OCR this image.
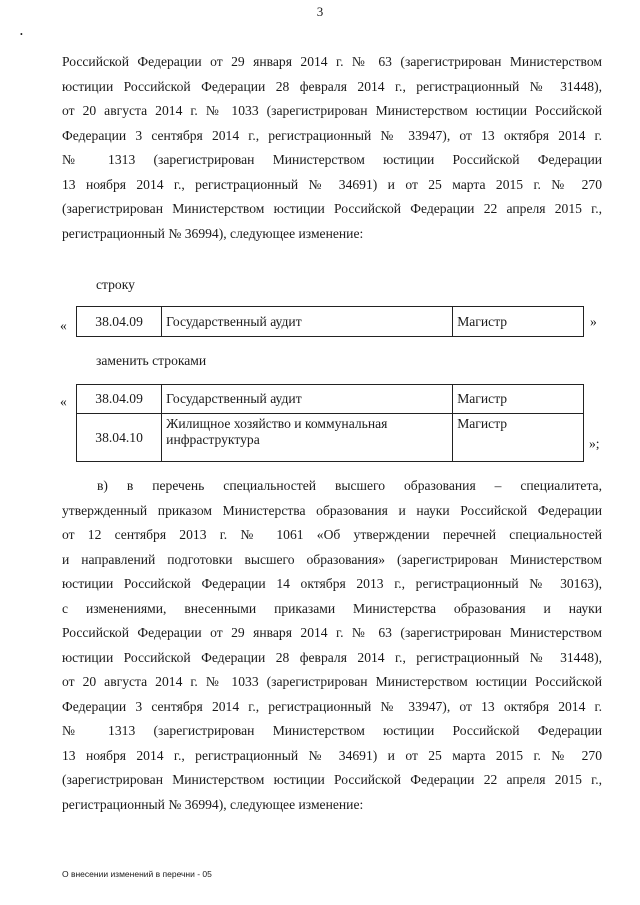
•
3
Российской Федерации от 29 января 2014 г. № 63 (зарегистрирован Министерством
юстиции Российской Федерации 28 февраля 2014 г., регистрационный № 31448),
от 20 августа 2014 г. № 1033 (зарегистрирован Министерством юстиции Российской
Федерации 3 сентября 2014 г., регистрационный № 33947), от 13 октября 2014 г.
№ 1313 (зарегистрирован Министерством юстиции Российской Федерации
13 ноября 2014 г., регистрационный № 34691) и от 25 марта 2015 г. № 270
(зарегистрирован Министерством юстиции Российской Федерации 22 апреля 2015 г.,
регистрационный № 36994), следующее изменение:
строку
« 38.04.09	Государственный аудит	Магистр	»
заменить строками
« 38.04.09	Государственный аудит	Магистр
38.04.10	Жилищное хозяйство и коммунальная инфраструктура	Магистр
»;
в) в перечень специальностей высшего образования – специалитета,
утвержденный приказом Министерства образования и науки Российской Федерации
от 12 сентября 2013 г. № 1061 «Об утверждении перечней специальностей
и направлений подготовки высшего образования» (зарегистрирован Министерством
юстиции Российской Федерации 14 октября 2013 г., регистрационный № 30163),
с изменениями, внесенными приказами Министерства образования и науки
Российской Федерации от 29 января 2014 г. № 63 (зарегистрирован Министерством
юстиции Российской Федерации 28 февраля 2014 г., регистрационный № 31448),
от 20 августа 2014 г. № 1033 (зарегистрирован Министерством юстиции Российской
Федерации 3 сентября 2014 г., регистрационный № 33947), от 13 октября 2014 г.
№ 1313 (зарегистрирован Министерством юстиции Российской Федерации
13 ноября 2014 г., регистрационный № 34691) и от 25 марта 2015 г. № 270
(зарегистрирован Министерством юстиции Российской Федерации 22 апреля 2015 г.,
регистрационный № 36994), следующее изменение:
О внесении изменений в перечни - 05
